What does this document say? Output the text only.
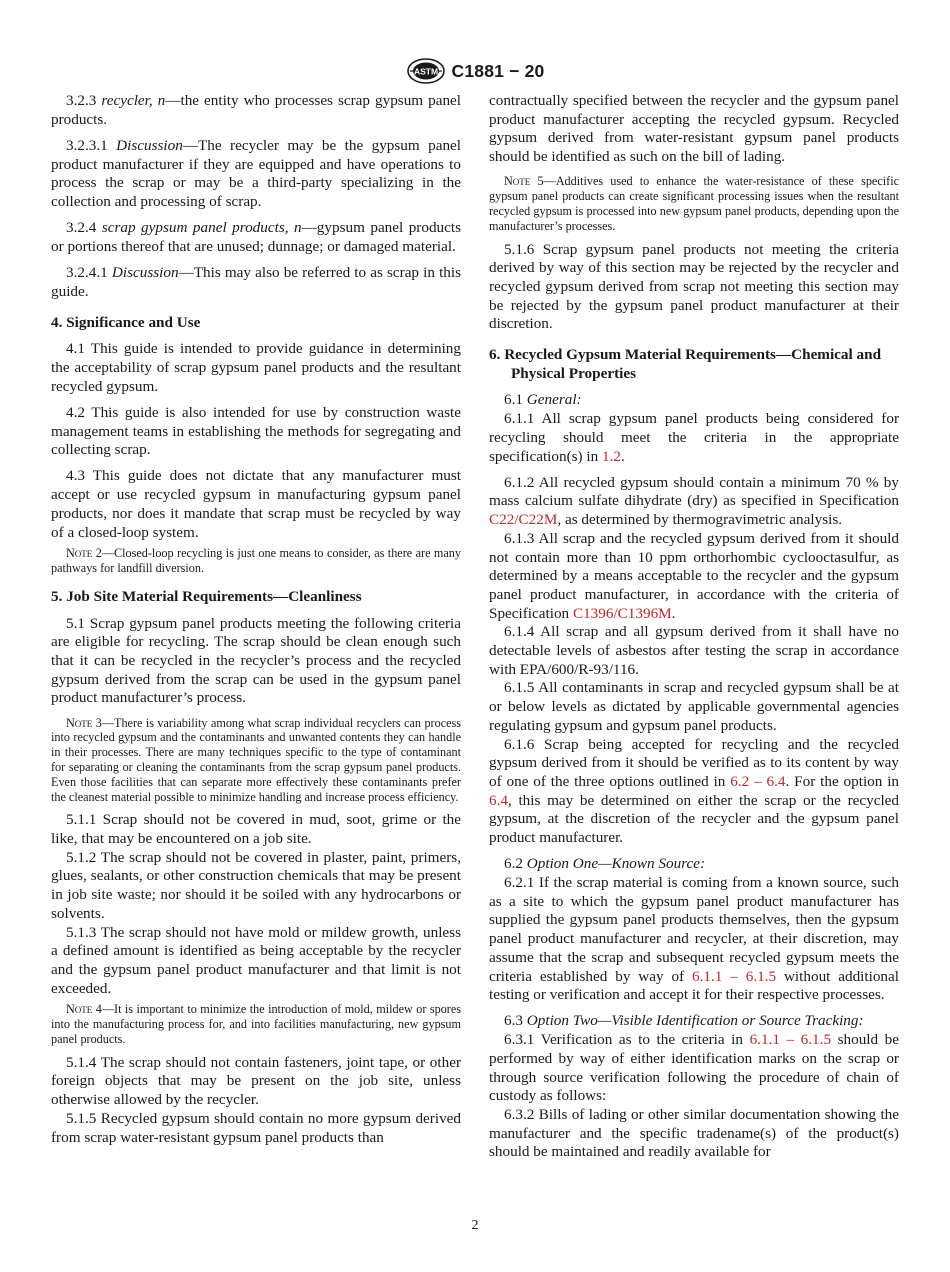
ASTM C1881 − 20

3.2.3 recycler, n—the entity who processes scrap gypsum panel products.

3.2.3.1 Discussion—The recycler may be the gypsum panel product manufacturer if they are equipped and have operations to process the scrap or may be a third-party specializing in the collection and processing of scrap.

3.2.4 scrap gypsum panel products, n—gypsum panel products or portions thereof that are unused; dunnage; or damaged material.

3.2.4.1 Discussion—This may also be referred to as scrap in this guide.

4. Significance and Use

4.1 This guide is intended to provide guidance in determining the acceptability of scrap gypsum panel products and the resultant recycled gypsum.

4.2 This guide is also intended for use by construction waste management teams in establishing the methods for segregating and collecting scrap.

4.3 This guide does not dictate that any manufacturer must accept or use recycled gypsum in manufacturing gypsum panel products, nor does it mandate that scrap must be recycled by way of a closed-loop system.

Note 2—Closed-loop recycling is just one means to consider, as there are many pathways for landfill diversion.

5. Job Site Material Requirements—Cleanliness

5.1 Scrap gypsum panel products meeting the following criteria are eligible for recycling. The scrap should be clean enough such that it can be recycled in the recycler’s process and the recycled gypsum derived from the scrap can be used in the gypsum panel product manufacturer’s process.

Note 3—There is variability among what scrap individual recyclers can process into recycled gypsum and the contaminants and unwanted contents they can handle in their processes. There are many techniques specific to the type of contaminant for separating or cleaning the contaminants from the scrap gypsum panel products. Even those facilities that can separate more effectively these contaminants prefer the cleanest material possible to minimize handling and increase process efficiency.

5.1.1 Scrap should not be covered in mud, soot, grime or the like, that may be encountered on a job site.

5.1.2 The scrap should not be covered in plaster, paint, primers, glues, sealants, or other construction chemicals that may be present in job site waste; nor should it be soiled with any hydrocarbons or solvents.

5.1.3 The scrap should not have mold or mildew growth, unless a defined amount is identified as being acceptable by the recycler and the gypsum panel product manufacturer and that limit is not exceeded.

Note 4—It is important to minimize the introduction of mold, mildew or spores into the manufacturing process for, and into facilities manufacturing, new gypsum panel products.

5.1.4 The scrap should not contain fasteners, joint tape, or other foreign objects that may be present on the job site, unless otherwise allowed by the recycler.

5.1.5 Recycled gypsum should contain no more gypsum derived from scrap water-resistant gypsum panel products than

contractually specified between the recycler and the gypsum panel product manufacturer accepting the recycled gypsum. Recycled gypsum derived from water-resistant gypsum panel products should be identified as such on the bill of lading.

Note 5—Additives used to enhance the water-resistance of these specific gypsum panel products can create significant processing issues when the resultant recycled gypsum is processed into new gypsum panel products, depending upon the manufacturer’s processes.

5.1.6 Scrap gypsum panel products not meeting the criteria derived by way of this section may be rejected by the recycler and recycled gypsum derived from scrap not meeting this section may be rejected by the gypsum panel product manufacturer at their discretion.

6. Recycled Gypsum Material Requirements—Chemical and Physical Properties

6.1 General:

6.1.1 All scrap gypsum panel products being considered for recycling should meet the criteria in the appropriate specification(s) in 1.2.

6.1.2 All recycled gypsum should contain a minimum 70 % by mass calcium sulfate dihydrate (dry) as specified in Specification C22/C22M, as determined by thermogravimetric analysis.

6.1.3 All scrap and the recycled gypsum derived from it should not contain more than 10 ppm orthorhombic cyclooctasulfur, as determined by a means acceptable to the recycler and the gypsum panel product manufacturer, in accordance with the criteria of Specification C1396/C1396M.

6.1.4 All scrap and all gypsum derived from it shall have no detectable levels of asbestos after testing the scrap in accordance with EPA/600/R-93/116.

6.1.5 All contaminants in scrap and recycled gypsum shall be at or below levels as dictated by applicable governmental agencies regulating gypsum and gypsum panel products.

6.1.6 Scrap being accepted for recycling and the recycled gypsum derived from it should be verified as to its content by way of one of the three options outlined in 6.2 – 6.4. For the option in 6.4, this may be determined on either the scrap or the recycled gypsum, at the discretion of the recycler and the gypsum panel product manufacturer.

6.2 Option One—Known Source:

6.2.1 If the scrap material is coming from a known source, such as a site to which the gypsum panel product manufacturer has supplied the gypsum panel products themselves, then the gypsum panel product manufacturer and recycler, at their discretion, may assume that the scrap and subsequent recycled gypsum meets the criteria established by way of 6.1.1 – 6.1.5 without additional testing or verification and accept it for their respective processes.

6.3 Option Two—Visible Identification or Source Tracking:

6.3.1 Verification as to the criteria in 6.1.1 – 6.1.5 should be performed by way of either identification marks on the scrap or through source verification following the procedure of chain of custody as follows:

6.3.2 Bills of lading or other similar documentation showing the manufacturer and the specific tradename(s) of the product(s) should be maintained and readily available for

2
